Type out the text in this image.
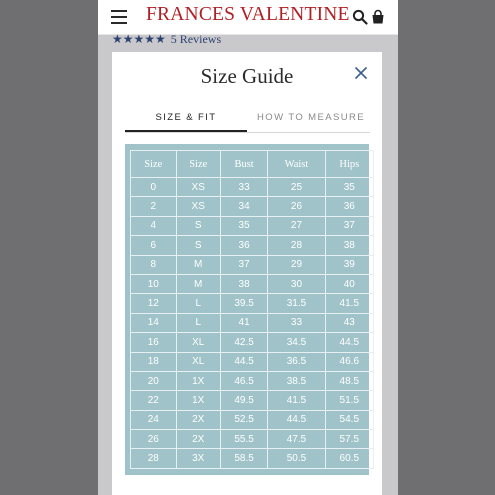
FRANCES VALENTINE
★★★★★ 5 Reviews
Size Guide
SIZE & FIT	HOW TO MEASURE
Size	Size	Bust	Waist	Hips
0	XS	33	25	35
2	XS	34	26	36
4	S	35	27	37
6	S	36	28	38
8	M	37	29	39
10	M	38	30	40
12	L	39.5	31.5	41.5
14	L	41	33	43
16	XL	42.5	34.5	44.5
18	XL	44.5	36.5	46.6
20	1X	46.5	38.5	48.5
22	1X	49.5	41.5	51.5
24	2X	52.5	44.5	54.5
26	2X	55.5	47.5	57.5
28	3X	58.5	50.5	60.5
